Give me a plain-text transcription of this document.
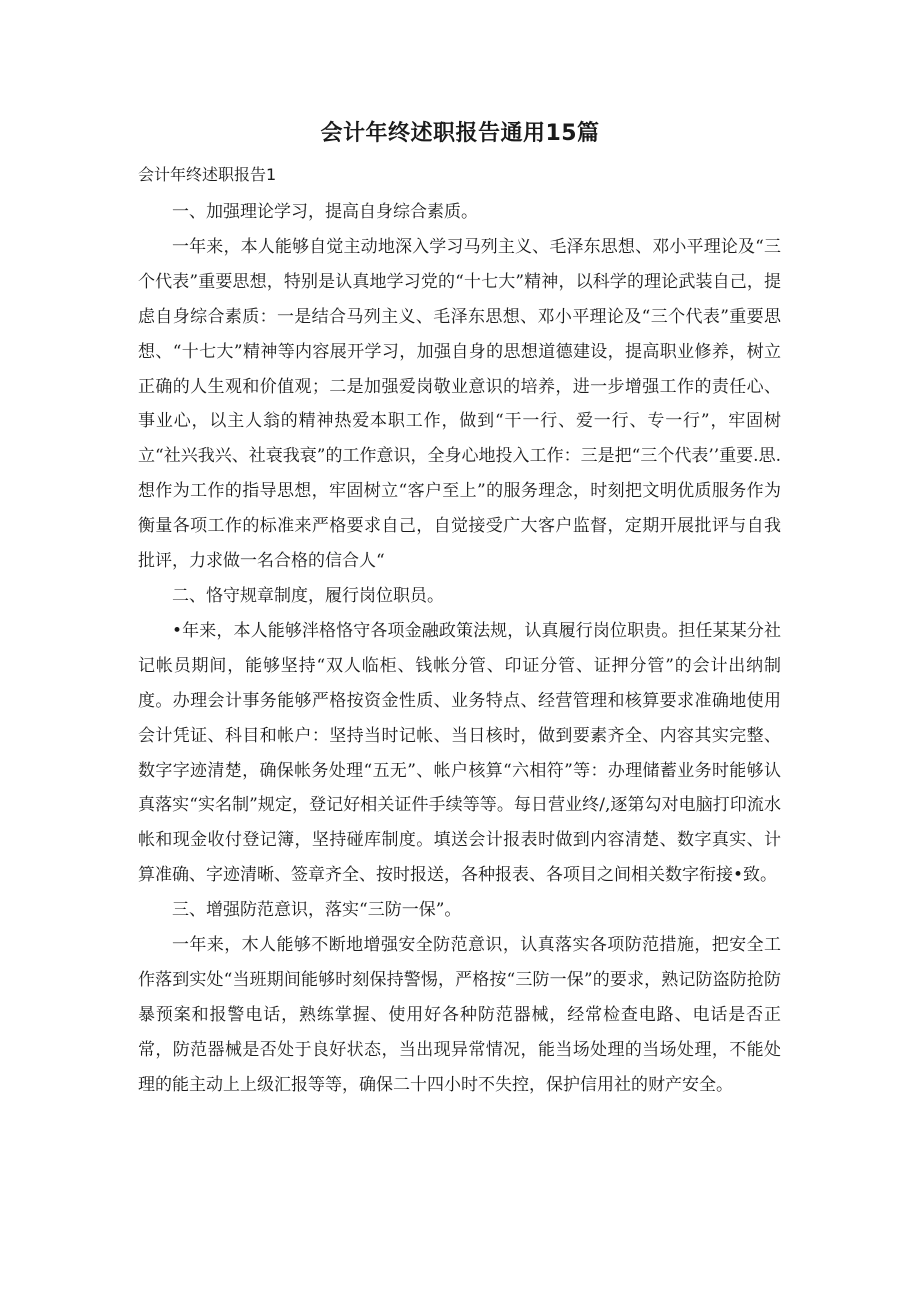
会计年终述职报告通用15篇
会计年终述职报告1

一、加强理论学习，提高自身综合素质。

一年来，本人能够自觉主动地深入学习马列主义、毛泽东思想、邓小平理论及“三个代表”重要思想，特别是认真地学习党的“十七大”精神，以科学的理论武装自己，提虑自身综合素质：一是结合马列主义、毛泽东思想、邓小平理论及“三个代表”重要思想、“十七大”精神等内容展开学习，加强自身的思想道德建设，提高职业修养，树立正确的人生观和价值观；二是加强爱岗敬业意识的培养，进一步增强工作的责任心、事业心，以主人翁的精神热爱本职工作，做到“干一行、爱一行、专一行”，牢固树立“社兴我兴、社衰我衰”的工作意识，全身心地投入工作：三是把“三个代表’’重要.思.想作为工作的指导思想，牢固树立“客户至上”的服务理念，时刻把文明优质服务作为衡量各项工作的标准来严格要求自己，自觉接受广大客户监督，定期开展批评与自我批评，力求做一名合格的信合人“

二、恪守规章制度，履行岗位职员。

•年来，本人能够泮格恪守各项金融政策法规，认真履行岗位职贵。担任某某分社记帐员期间，能够坚持“双人临柜、钱帐分管、印证分管、证押分管”的会计出纳制度。办理会计事务能够严格按资金性质、业务特点、经营管理和核算要求准确地使用会计凭证、科目和帐户：坚持当时记帐、当日核时，做到要素齐全、内容其实完整、数字字迹清楚，确保帐务处理“五无”、帐户核算“六相符”等：办理储蓄业务时能够认真落实“实名制”规定，登记好相关证件手续等等。每日营业终/,逐第勾对电脑打印流水帐和现金收付登记簿，坚持碰库制度。填送会计报表时做到内容清楚、数字真实、计算准确、字迹清晰、签章齐全、按时报送，各种报表、各项目之间相关数字衔接•致。

三、增强防范意识，落实“三防一保”。

一年来，木人能够不断地增强安全防范意识，认真落实各项防范措施，把安全工作落到实处“当班期间能够时刻保持警惕，严格按“三防一保”的要求，熟记防盗防抢防暴预案和报警电话，熟练掌握、使用好各种防范器械，经常检查电路、电话是否正常，防范器械是否处于良好状态，当出现异常情况，能当场处理的当场处理，不能处理的能主动上上级汇报等等，确保二十四小时不失控，保护信用社的财产安全。
